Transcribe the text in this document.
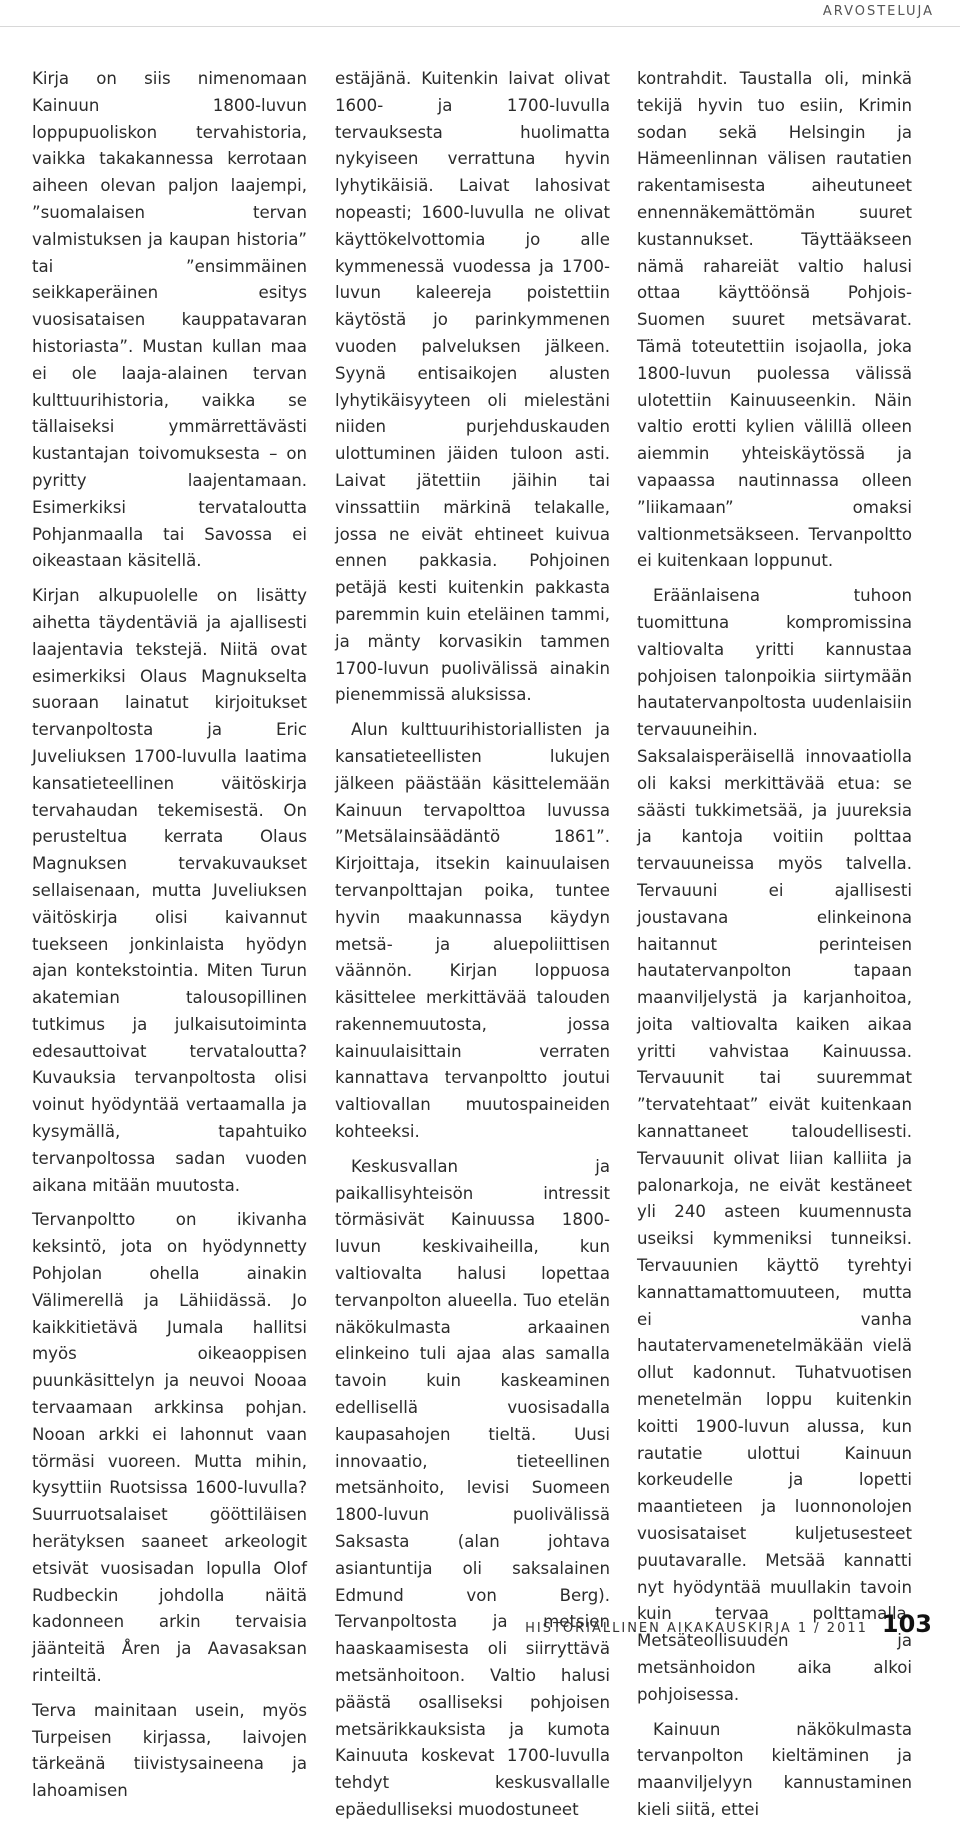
ARVOSTELUJA

Kirja on siis nimenomaan Kainuun 1800-luvun loppupuoliskon tervahistoria, vaikka takakannessa kerrotaan aiheen olevan paljon laajempi, ”suomalaisen tervan valmistuksen ja kaupan historia” tai ”ensimmäinen seikkaperäinen esitys vuosisataisen kauppatavaran historiasta”. Mustan kullan maa ei ole laaja-alainen tervan kulttuurihistoria, vaikka se tällaiseksi ymmärrettävästi kustantajan toivomuksesta – on pyritty laajentamaan. Esimerkiksi tervataloutta Pohjanmaalla tai Savossa ei oikeastaan käsitellä.

Kirjan alkupuolelle on lisätty aihetta täydentäviä ja ajallisesti laajentavia tekstejä. Niitä ovat esimerkiksi Olaus Magnukselta suoraan lainatut kirjoitukset tervanpoltosta ja Eric Juveliuksen 1700-luvulla laatima kansatieteellinen väitöskirja tervahaudan tekemisestä. On perusteltua kerrata Olaus Magnuksen tervakuvaukset sellaisenaan, mutta Juveliuksen väitöskirja olisi kaivannut tuekseen jonkinlaista hyödyn ajan kontekstointia. Miten Turun akatemian talousopillinen tutkimus ja julkaisutoiminta edesauttoivat tervataloutta? Kuvauksia tervanpoltosta olisi voinut hyödyntää vertaamalla ja kysymällä, tapahtuiko tervanpoltossa sadan vuoden aikana mitään muutosta.

Tervanpoltto on ikivanha keksintö, jota on hyödynnetty Pohjolan ohella ainakin Välimerellä ja Lähiidässä. Jo kaikkitietävä Jumala hallitsi myös oikeaoppisen puunkäsittelyn ja neuvoi Nooaa tervaamaan arkkinsa pohjan. Nooan arkki ei lahonnut vaan törmäsi vuoreen. Mutta mihin, kysyttiin Ruotsissa 1600-luvulla? Suurruotsalaiset gööttiläisen herätyksen saaneet arkeologit etsivät vuosisadan lopulla Olof Rudbeckin johdolla näitä kadonneen arkin tervaisia jäänteitä Åren ja Aavasaksan rinteiltä.

Terva mainitaan usein, myös Turpeisen kirjassa, laivojen tärkeänä tiivistysaineena ja lahoamisen

estäjänä. Kuitenkin laivat olivat 1600- ja 1700-luvulla tervauksesta huolimatta nykyiseen verrattuna hyvin lyhytikäisiä. Laivat lahosivat nopeasti; 1600-luvulla ne olivat käyttökelvottomia jo alle kymmenessä vuodessa ja 1700-luvun kaleereja poistettiin käytöstä jo parinkymmenen vuoden palveluksen jälkeen. Syynä entisaikojen alusten lyhytikäisyyteen oli mielestäni niiden purjehduskauden ulottuminen jäiden tuloon asti. Laivat jätettiin jäihin tai vinssattiin märkinä telakalle, jossa ne eivät ehtineet kuivua ennen pakkasia. Pohjoinen petäjä kesti kuitenkin pakkasta paremmin kuin eteläinen tammi, ja mänty korvasikin tammen 1700-luvun puolivälissä ainakin pienemmissä aluksissa.

Alun kulttuurihistoriallisten ja kansatieteellisten lukujen jälkeen päästään käsittelemään Kainuun tervapolttoa luvussa ”Metsälainsäädäntö 1861”. Kirjoittaja, itsekin kainuulaisen tervanpolttajan poika, tuntee hyvin maakunnassa käydyn metsä- ja aluepoliittisen väännön. Kirjan loppuosa käsittelee merkittävää talouden rakennemuutosta, jossa kainuulaisittain verraten kannattava tervanpoltto joutui valtiovallan muutospaineiden kohteeksi.

Keskusvallan ja paikallisyhteisön intressit törmäsivät Kainuussa 1800-luvun keskivaiheilla, kun valtiovalta halusi lopettaa tervanpolton alueella. Tuo etelän näkökulmasta arkaainen elinkeino tuli ajaa alas samalla tavoin kuin kaskeaminen edellisellä vuosisadalla kaupasahojen tieltä. Uusi innovaatio, tieteellinen metsänhoito, levisi Suomeen 1800-luvun puolivälissä Saksasta (alan johtava asiantuntija oli saksalainen Edmund von Berg). Tervanpoltosta ja metsien haaskaamisesta oli siirryttävä metsänhoitoon. Valtio halusi päästä osalliseksi pohjoisen metsärikkauksista ja kumota Kainuuta koskevat 1700-luvulla tehdyt keskusvallalle epäedulliseksi muodostuneet

kontrahdit. Taustalla oli, minkä tekijä hyvin tuo esiin, Krimin sodan sekä Helsingin ja Hämeenlinnan välisen rautatien rakentamisesta aiheutuneet ennennäkemättömän suuret kustannukset. Täyttääkseen nämä rahareiät valtio halusi ottaa käyttöönsä Pohjois-Suomen suuret metsävarat. Tämä toteutettiin isojaolla, joka 1800-luvun puolessa välissä ulotettiin Kainuuseenkin. Näin valtio erotti kylien välillä olleen aiemmin yhteiskäytössä ja vapaassa nautinnassa olleen ”liikamaan” omaksi valtionmetsäkseen. Tervanpoltto ei kuitenkaan loppunut.

Eräänlaisena tuhoon tuomittuna kompromissina valtiovalta yritti kannustaa pohjoisen talonpoikia siirtymään hautatervanpoltosta uudenlaisiin tervauuneihin. Saksalaisperäisellä innovaatiolla oli kaksi merkittävää etua: se säästi tukkimetsää, ja juureksia ja kantoja voitiin polttaa tervauuneissa myös talvella. Tervauuni ei ajallisesti joustavana elinkeinona haitannut perinteisen hautatervanpolton tapaan maanviljelystä ja karjanhoitoa, joita valtiovalta kaiken aikaa yritti vahvistaa Kainuussa. Tervauunit tai suuremmat ”tervatehtaat” eivät kuitenkaan kannattaneet taloudellisesti. Tervauunit olivat liian kalliita ja palonarkoja, ne eivät kestäneet yli 240 asteen kuumennusta useiksi kymmeniksi tunneiksi. Tervauunien käyttö tyrehtyi kannattamattomuuteen, mutta ei vanha hautatervamenetelmäkään vielä ollut kadonnut. Tuhatvuotisen menetelmän loppu kuitenkin koitti 1900-luvun alussa, kun rautatie ulottui Kainuun korkeudelle ja lopetti maantieteen ja luonnonolojen vuosisataiset kuljetusesteet puutavaralle. Metsää kannatti nyt hyödyntää muullakin tavoin kuin tervaa polttamalla. Metsäteollisuuden ja metsänhoidon aika alkoi pohjoisessa.

Kainuun näkökulmasta tervanpolton kieltäminen ja maanviljelyyn kannustaminen kieli siitä, ettei

HISTORIALLINEN AIKAKAUSKIRJA 1 / 2011 103
